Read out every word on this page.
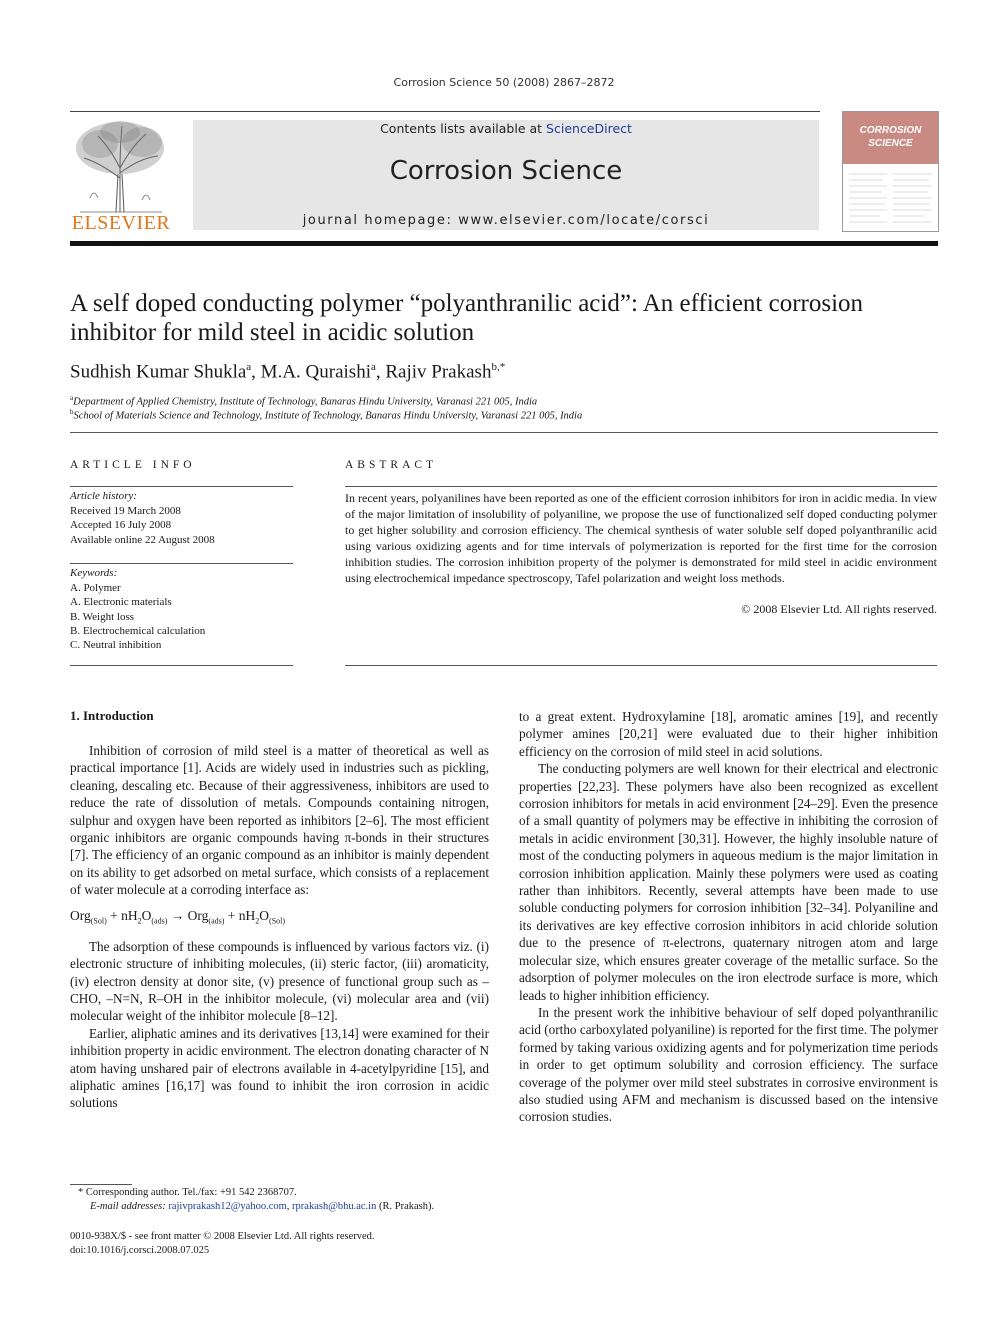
Corrosion Science 50 (2008) 2867–2872
ELSEVIER
Contents lists available at ScienceDirect
Corrosion Science
journal homepage: www.elsevier.com/locate/corsci
CORROSION SCIENCE
A self doped conducting polymer “polyanthranilic acid”: An efficient corrosion inhibitor for mild steel in acidic solution
Sudhish Kumar Shukla$^a$, M.A. Quraishi$^a$, Rajiv Prakash$^{b,*}$
$^a$Department of Applied Chemistry, Institute of Technology, Banaras Hindu University, Varanasi 221 005, India
$^b$School of Materials Science and Technology, Institute of Technology, Banaras Hindu University, Varanasi 221 005, India
ARTICLE INFO
Article history:
Received 19 March 2008
Accepted 16 July 2008
Available online 22 August 2008
Keywords:
A. Polymer
A. Electronic materials
B. Weight loss
B. Electrochemical calculation
C. Neutral inhibition
ABSTRACT
In recent years, polyanilines have been reported as one of the efficient corrosion inhibitors for iron in acidic media. In view of the major limitation of insolubility of polyaniline, we propose the use of functionalized self doped conducting polymer to get higher solubility and corrosion efficiency. The chemical synthesis of water soluble self doped polyanthranilic acid using various oxidizing agents and for time intervals of polymerization is reported for the first time for the corrosion inhibition studies. The corrosion inhibition property of the polymer is demonstrated for mild steel in acidic environment using electrochemical impedance spectroscopy, Tafel polarization and weight loss methods.
© 2008 Elsevier Ltd. All rights reserved.
1. Introduction

Inhibition of corrosion of mild steel is a matter of theoretical as well as practical importance [1]. Acids are widely used in industries such as pickling, cleaning, descaling etc. Because of their aggressiveness, inhibitors are used to reduce the rate of dissolution of metals. Compounds containing nitrogen, sulphur and oxygen have been reported as inhibitors [2–6]. The most efficient organic inhibitors are organic compounds having π-bonds in their structures [7]. The efficiency of an organic compound as an inhibitor is mainly dependent on its ability to get adsorbed on metal surface, which consists of a replacement of water molecule at a corroding interface as:

$Org_{(Sol)} + nH_2O_{(ads)} \to Org_{(ads)} + nH_2O_{(Sol)}$

The adsorption of these compounds is influenced by various factors viz. (i) electronic structure of inhibiting molecules, (ii) steric factor, (iii) aromaticity, (iv) electron density at donor site, (v) presence of functional group such as –CHO, –N=N, R–OH in the inhibitor molecule, (vi) molecular area and (vii) molecular weight of the inhibitor molecule [8–12].

Earlier, aliphatic amines and its derivatives [13,14] were examined for their inhibition property in acidic environment. The electron donating character of N atom having unshared pair of electrons available in 4-acetylpyridine [15], and aliphatic amines [16,17] was found to inhibit the iron corrosion in acidic solutions

to a great extent. Hydroxylamine [18], aromatic amines [19], and recently polymer amines [20,21] were evaluated due to their higher inhibition efficiency on the corrosion of mild steel in acid solutions.

The conducting polymers are well known for their electrical and electronic properties [22,23]. These polymers have also been recognized as excellent corrosion inhibitors for metals in acid environment [24–29]. Even the presence of a small quantity of polymers may be effective in inhibiting the corrosion of metals in acidic environment [30,31]. However, the highly insoluble nature of most of the conducting polymers in aqueous medium is the major limitation in corrosion inhibition application. Mainly these polymers were used as coating rather than inhibitors. Recently, several attempts have been made to use soluble conducting polymers for corrosion inhibition [32–34]. Polyaniline and its derivatives are key effective corrosion inhibitors in acid chloride solution due to the presence of π-electrons, quaternary nitrogen atom and large molecular size, which ensures greater coverage of the metallic surface. So the adsorption of polymer molecules on the iron electrode surface is more, which leads to higher inhibition efficiency.

In the present work the inhibitive behaviour of self doped polyanthranilic acid (ortho carboxylated polyaniline) is reported for the first time. The polymer formed by taking various oxidizing agents and for polymerization time periods in order to get optimum solubility and corrosion efficiency. The surface coverage of the polymer over mild steel substrates in corrosive environment is also studied using AFM and mechanism is discussed based on the intensive corrosion studies.

* Corresponding author. Tel./fax: +91 542 2368707.
E-mail addresses: rajivprakash12@yahoo.com, rprakash@bhu.ac.in (R. Prakash).
0010-938X/$ - see front matter © 2008 Elsevier Ltd. All rights reserved.
doi:10.1016/j.corsci.2008.07.025
